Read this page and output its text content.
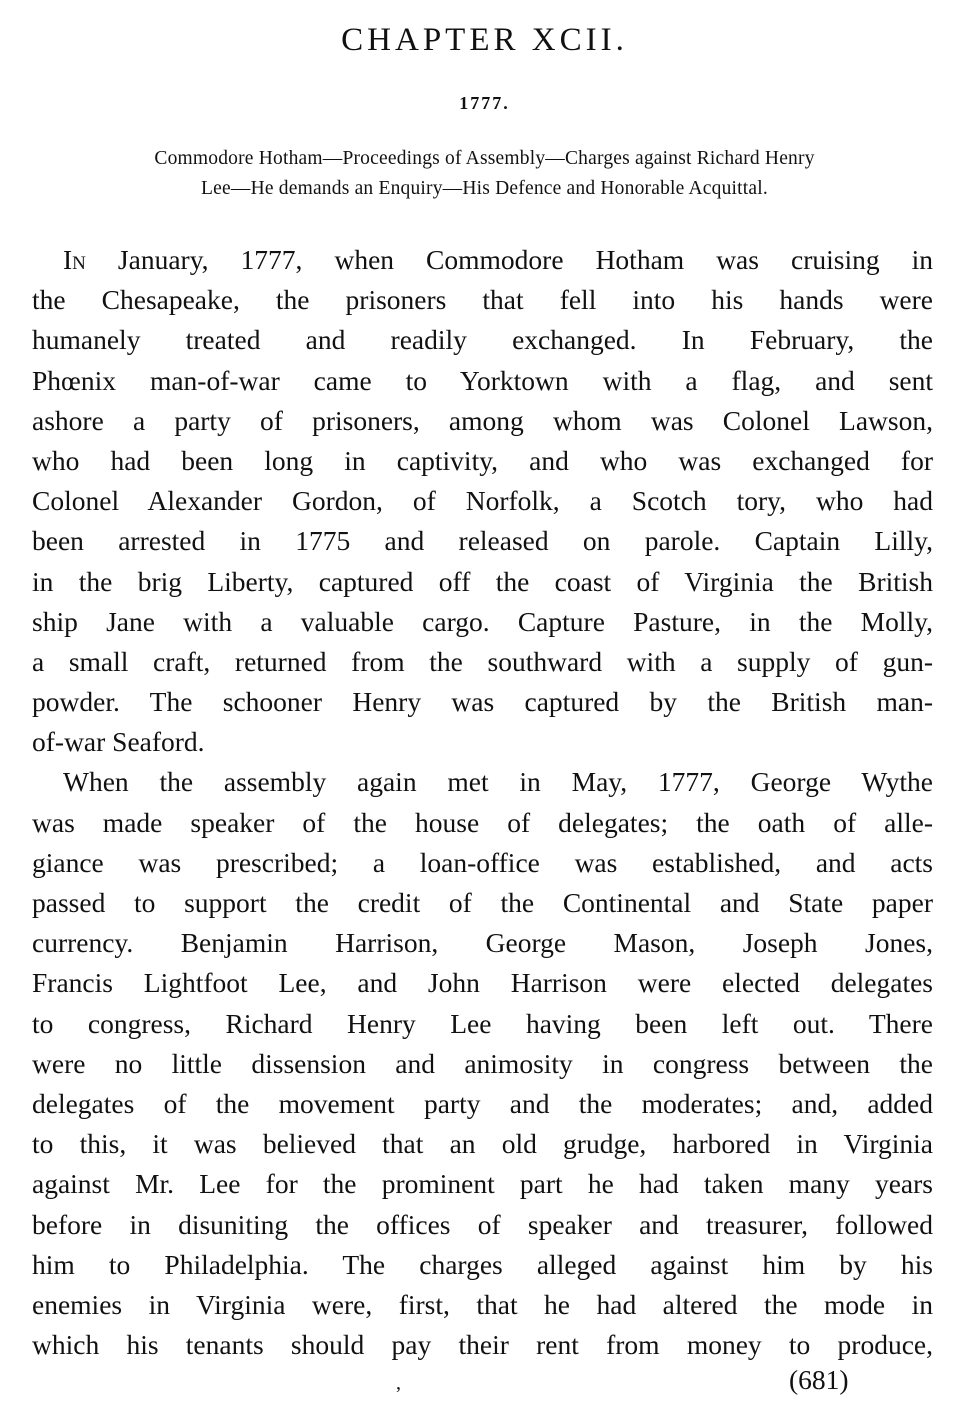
CHAPTER XCII.
1777.
Commodore Hotham—Proceedings of Assembly—Charges against Richard Henry
Lee—He demands an Enquiry—His Defence and Honorable Acquittal.
In January, 1777, when Commodore Hotham was cruising in
the Chesapeake, the prisoners that fell into his hands were
humanely treated and readily exchanged. In February, the
Phœnix man-of-war came to Yorktown with a flag, and sent
ashore a party of prisoners, among whom was Colonel Lawson,
who had been long in captivity, and who was exchanged for
Colonel Alexander Gordon, of Norfolk, a Scotch tory, who had
been arrested in 1775 and released on parole. Captain Lilly,
in the brig Liberty, captured off the coast of Virginia the British
ship Jane with a valuable cargo. Capture Pasture, in the Molly,
a small craft, returned from the southward with a supply of gun-
powder. The schooner Henry was captured by the British man-
of-war Seaford.
When the assembly again met in May, 1777, George Wythe
was made speaker of the house of delegates; the oath of alle-
giance was prescribed; a loan-office was established, and acts
passed to support the credit of the Continental and State paper
currency. Benjamin Harrison, George Mason, Joseph Jones,
Francis Lightfoot Lee, and John Harrison were elected delegates
to congress, Richard Henry Lee having been left out. There
were no little dissension and animosity in congress between the
delegates of the movement party and the moderates; and, added
to this, it was believed that an old grudge, harbored in Virginia
against Mr. Lee for the prominent part he had taken many years
before in disuniting the offices of speaker and treasurer, followed
him to Philadelphia. The charges alleged against him by his
enemies in Virginia were, first, that he had altered the mode in
which his tenants should pay their rent from money to produce,
,	(681)
